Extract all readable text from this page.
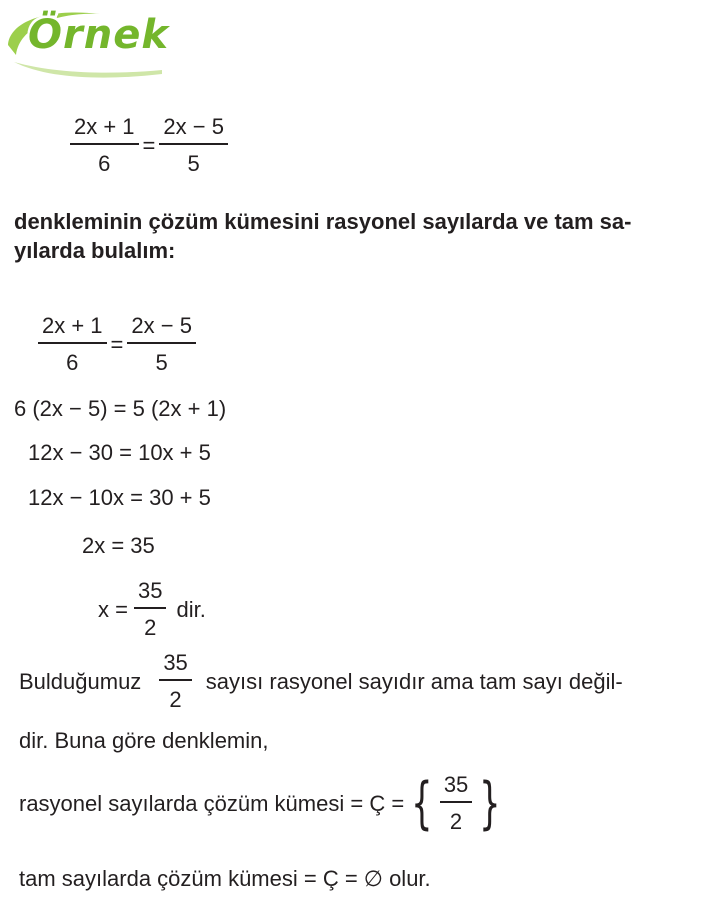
Örnek
$\frac{2x + 1}{6} = \frac{2x - 5}{5}$
denkleminin çözüm kümesini rasyonel sayılarda ve tam sa-
yılarda bulalım:
$\frac{2x + 1}{6} = \frac{2x - 5}{5}$
6 (2x − 5) = 5 (2x + 1)
12x − 30 = 10x + 5
12x − 10x = 30 + 5
2x = 35
$x = \frac{35}{2}$ dir.
Bulduğumuz $\frac{35}{2}$ sayısı rasyonel sayıdır ama tam sayı değil-
dir. Buna göre denklemin,
rasyonel sayılarda çözüm kümesi = Ç = { $\frac{35}{2}$ }
tam sayılarda çözüm kümesi = Ç = ∅ olur.
